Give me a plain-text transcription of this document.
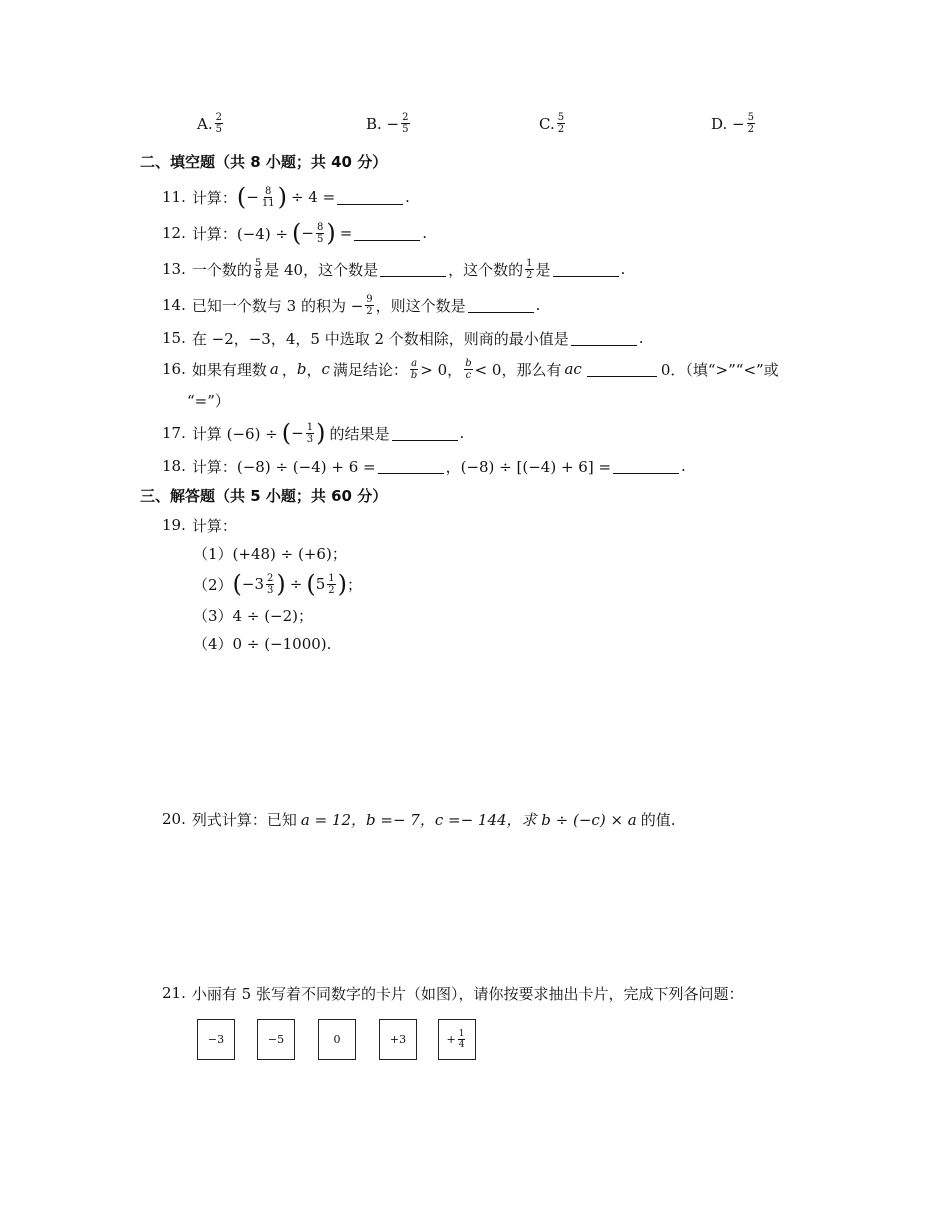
A. $\frac{2}{5}$	B. − $\frac{2}{5}$	C. $\frac{5}{2}$	D. − $\frac{5}{2}$
二、填空题（共 8 小题；共 40 分）
11. 计算： ( − $\frac{8}{11}$ ) ÷ 4 =	.
12. 计算：(−4) ÷ ( − $\frac{8}{5}$ ) =	.
13. 一个数的 $\frac{5}{8}$ 是 40，这个数是	，这个数的 $\frac{1}{2}$ 是	.
14. 已知一个数与 3 的积为 − $\frac{9}{2}$ ，则这个数是	.
15. 在 −2，−3，4，5 中选取 2 个数相除，则商的最小值是	.
16. 如果有理数 a ， b ， c 满足结论： $\frac{a}{b} > 0$， $\frac{b}{c} < 0$，那么有 ac	0．（填“>”“<”或
“=”）
17. 计算 (−6) ÷ ( − $\frac{1}{3}$ ) 的结果是	.
18. 计算：(−8) ÷ (−4) + 6 =	，(−8) ÷ [(−4) + 6] =	.
三、解答题（共 5 小题；共 60 分）
19. 计算：
（1）(+48) ÷ (+6)；
（2） ( $-3 \frac{2}{3}$ ) ÷ ( $5 \frac{1}{2}$ ) ；
（3）4 ÷ (−2)；
（4）0 ÷ (−1000).
20. 列式计算：已知 a = 12，b =− 7，c =− 144，求 b ÷ (−c) × a 的值.
21. 小丽有 5 张写着不同数字的卡片（如图），请你按要求抽出卡片，完成下列各问题：
−3	−5	0	+3	+ $\frac{1}{4}$
